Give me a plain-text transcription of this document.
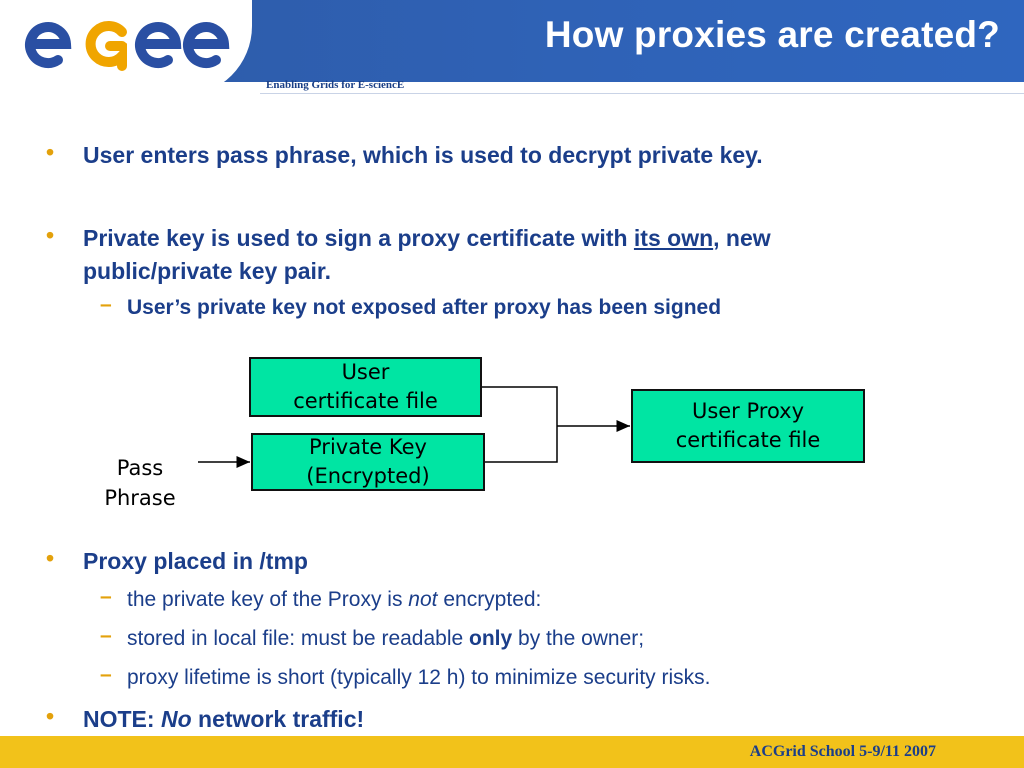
How proxies are created?
Enabling Grids for E-sciencE
• User enters pass phrase, which is used to decrypt private key.
• Private key is used to sign a proxy certificate with its own, new
public/private key pair.
– User’s private key not exposed after proxy has been signed
User
certificate file
Private Key
(Encrypted)
User Proxy
certificate file
Pass
Phrase
• Proxy placed in /tmp
– the private key of the Proxy is not encrypted:
– stored in local file: must be readable only by the owner;
– proxy lifetime is short (typically 12 h) to minimize security risks.
• NOTE: No network traffic!
ACGrid School 5-9/11 2007
